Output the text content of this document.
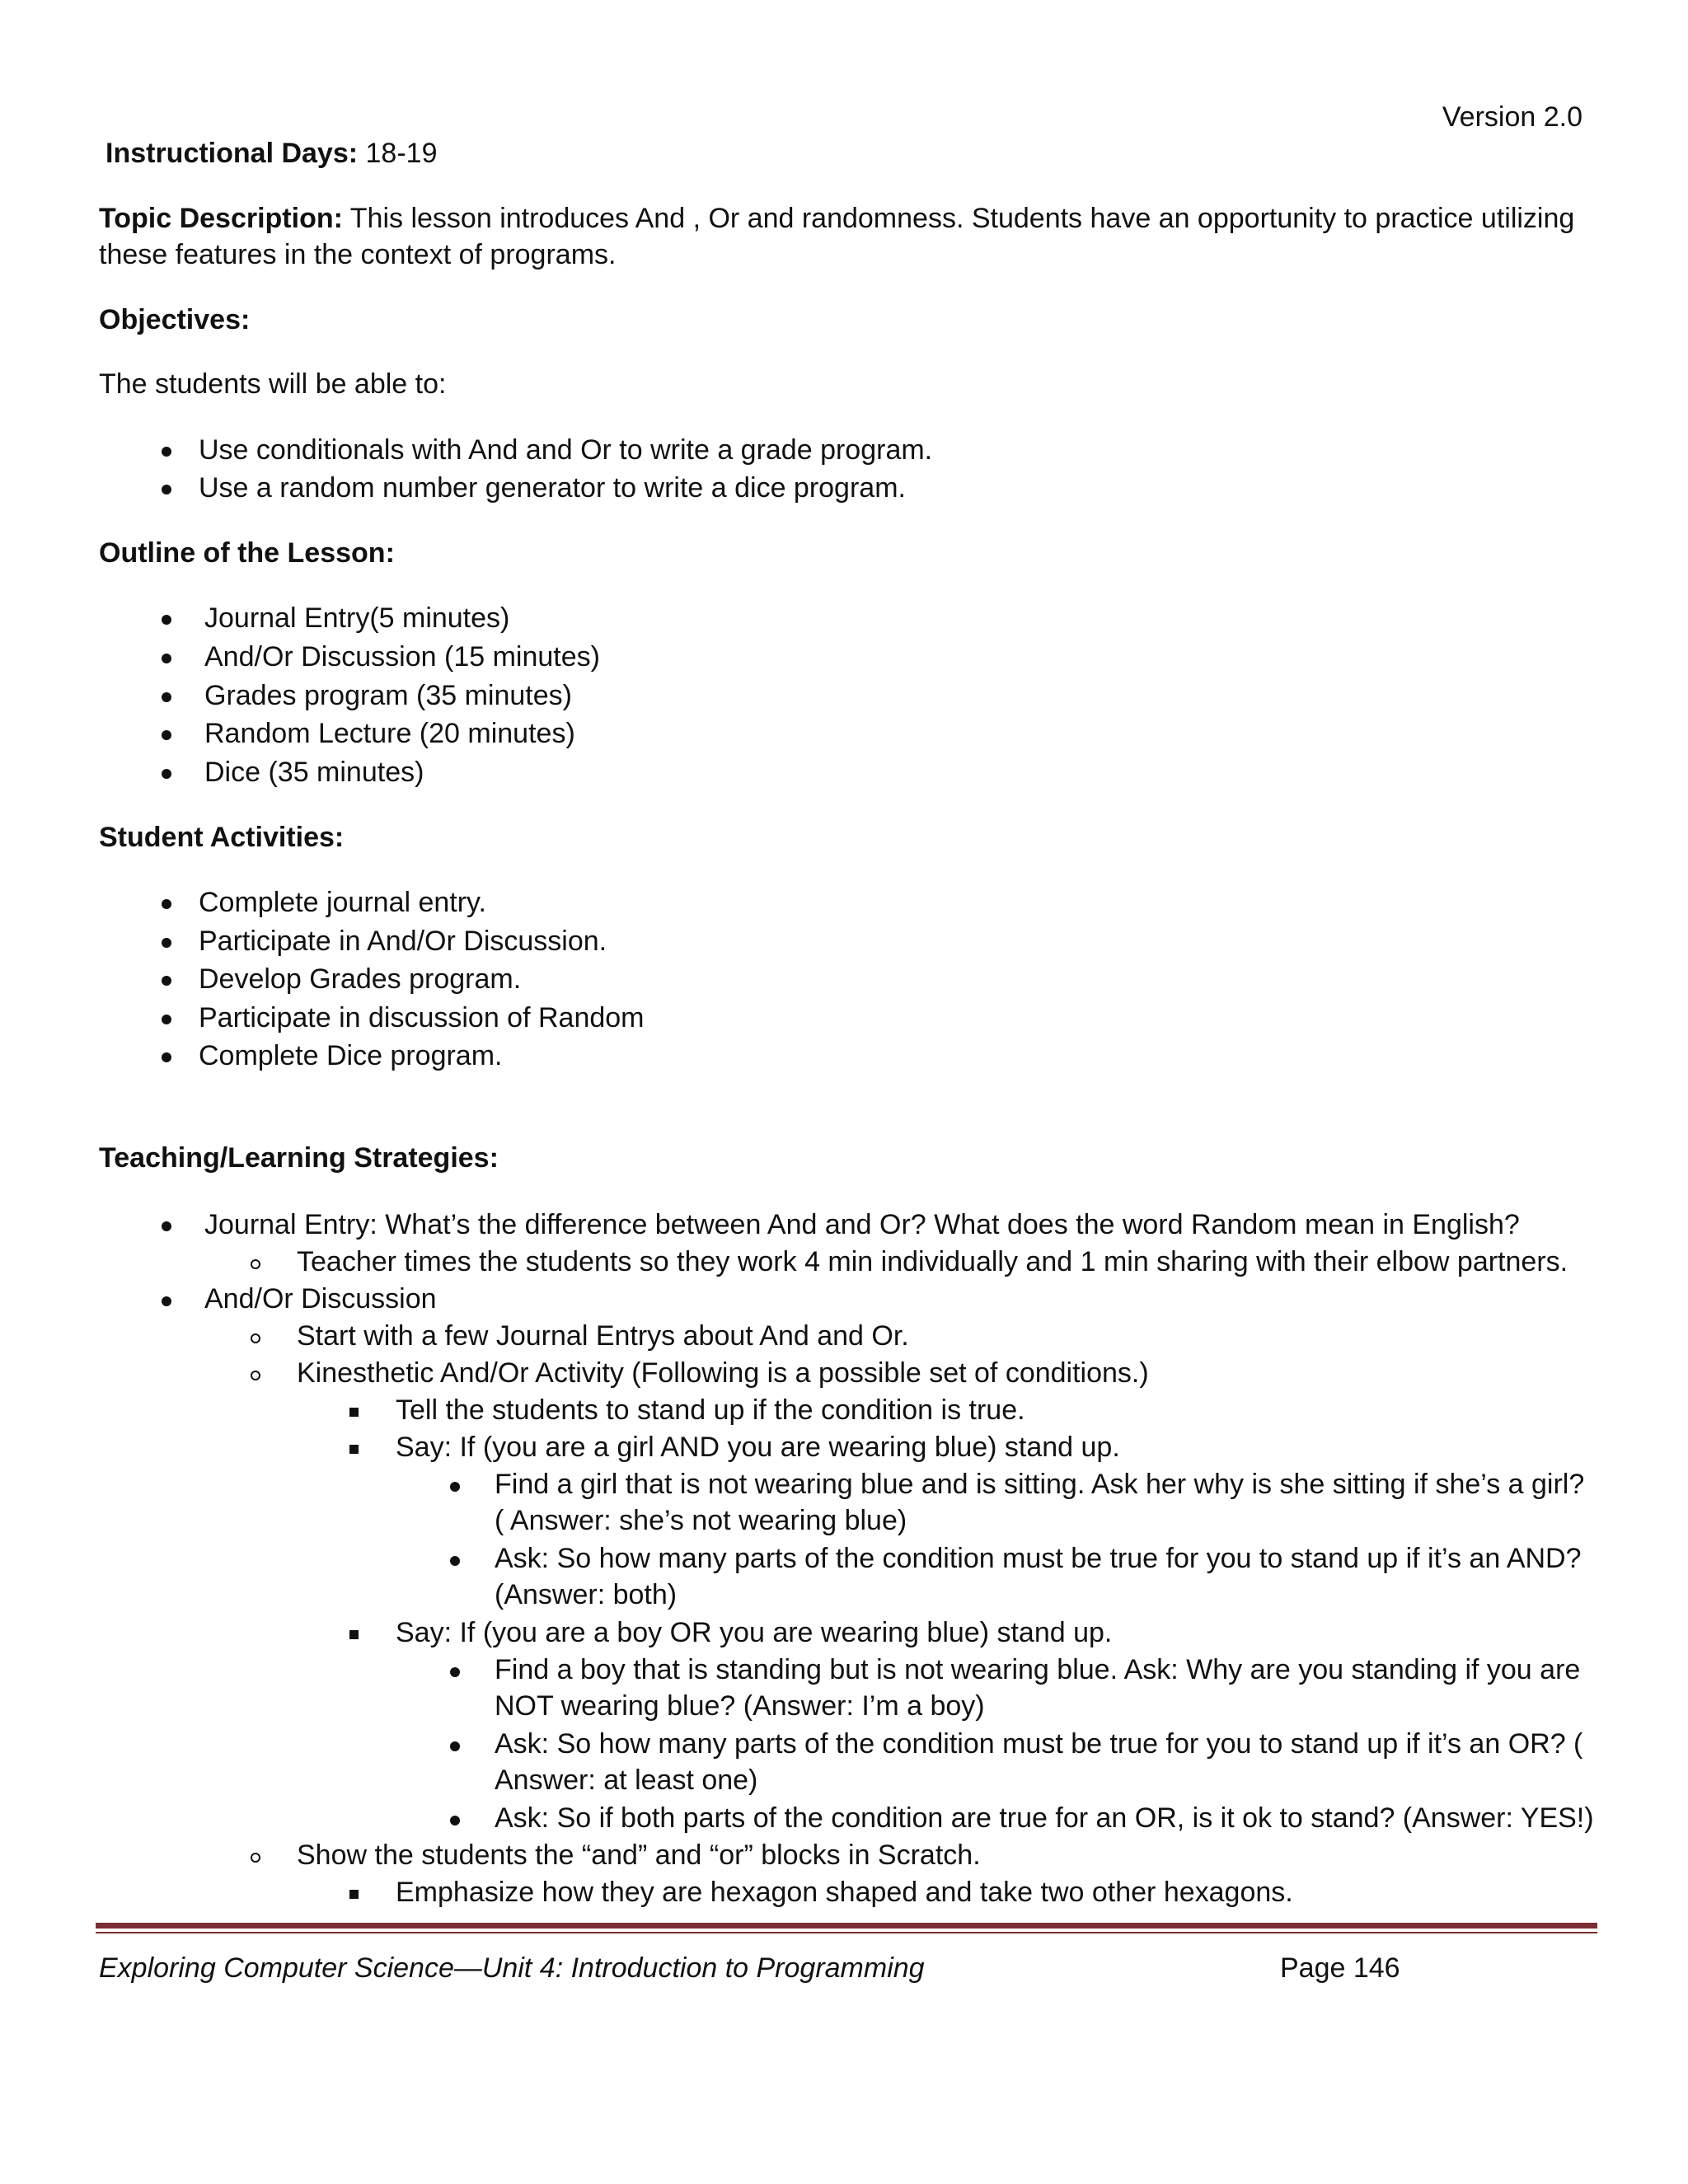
Version 2.0
Instructional Days: 18-19
Topic Description: This lesson introduces And , Or and randomness. Students have an opportunity to practice utilizing
these features in the context of programs.
Objectives:
The students will be able to:
Use conditionals with And and Or to write a grade program.
Use a random number generator to write a dice program.
Outline of the Lesson:
Journal Entry(5 minutes)
And/Or Discussion (15 minutes)
Grades program (35 minutes)
Random Lecture (20 minutes)
Dice (35 minutes)
Student Activities:
Complete journal entry.
Participate in And/Or Discussion.
Develop Grades program.
Participate in discussion of Random
Complete Dice program.
Teaching/Learning Strategies:
Journal Entry: What’s the difference between And and Or? What does the word Random mean in English?
Teacher times the students so they work 4 min individually and 1 min sharing with their elbow partners.
And/Or Discussion
Start with a few Journal Entrys about And and Or.
Kinesthetic And/Or Activity (Following is a possible set of conditions.)
Tell the students to stand up if the condition is true.
Say: If (you are a girl AND you are wearing blue) stand up.
Find a girl that is not wearing blue and is sitting. Ask her why is she sitting if she’s a girl?
( Answer: she’s not wearing blue)
Ask: So how many parts of the condition must be true for you to stand up if it’s an AND?
(Answer: both)
Say: If (you are a boy OR you are wearing blue) stand up.
Find a boy that is standing but is not wearing blue. Ask: Why are you standing if you are
NOT wearing blue? (Answer: I’m a boy)
Ask: So how many parts of the condition must be true for you to stand up if it’s an OR? (
Answer: at least one)
Ask: So if both parts of the condition are true for an OR, is it ok to stand? (Answer: YES!)
Show the students the “and” and “or” blocks in Scratch.
Emphasize how they are hexagon shaped and take two other hexagons.
Exploring Computer Science—Unit 4: Introduction to Programming	Page 146
